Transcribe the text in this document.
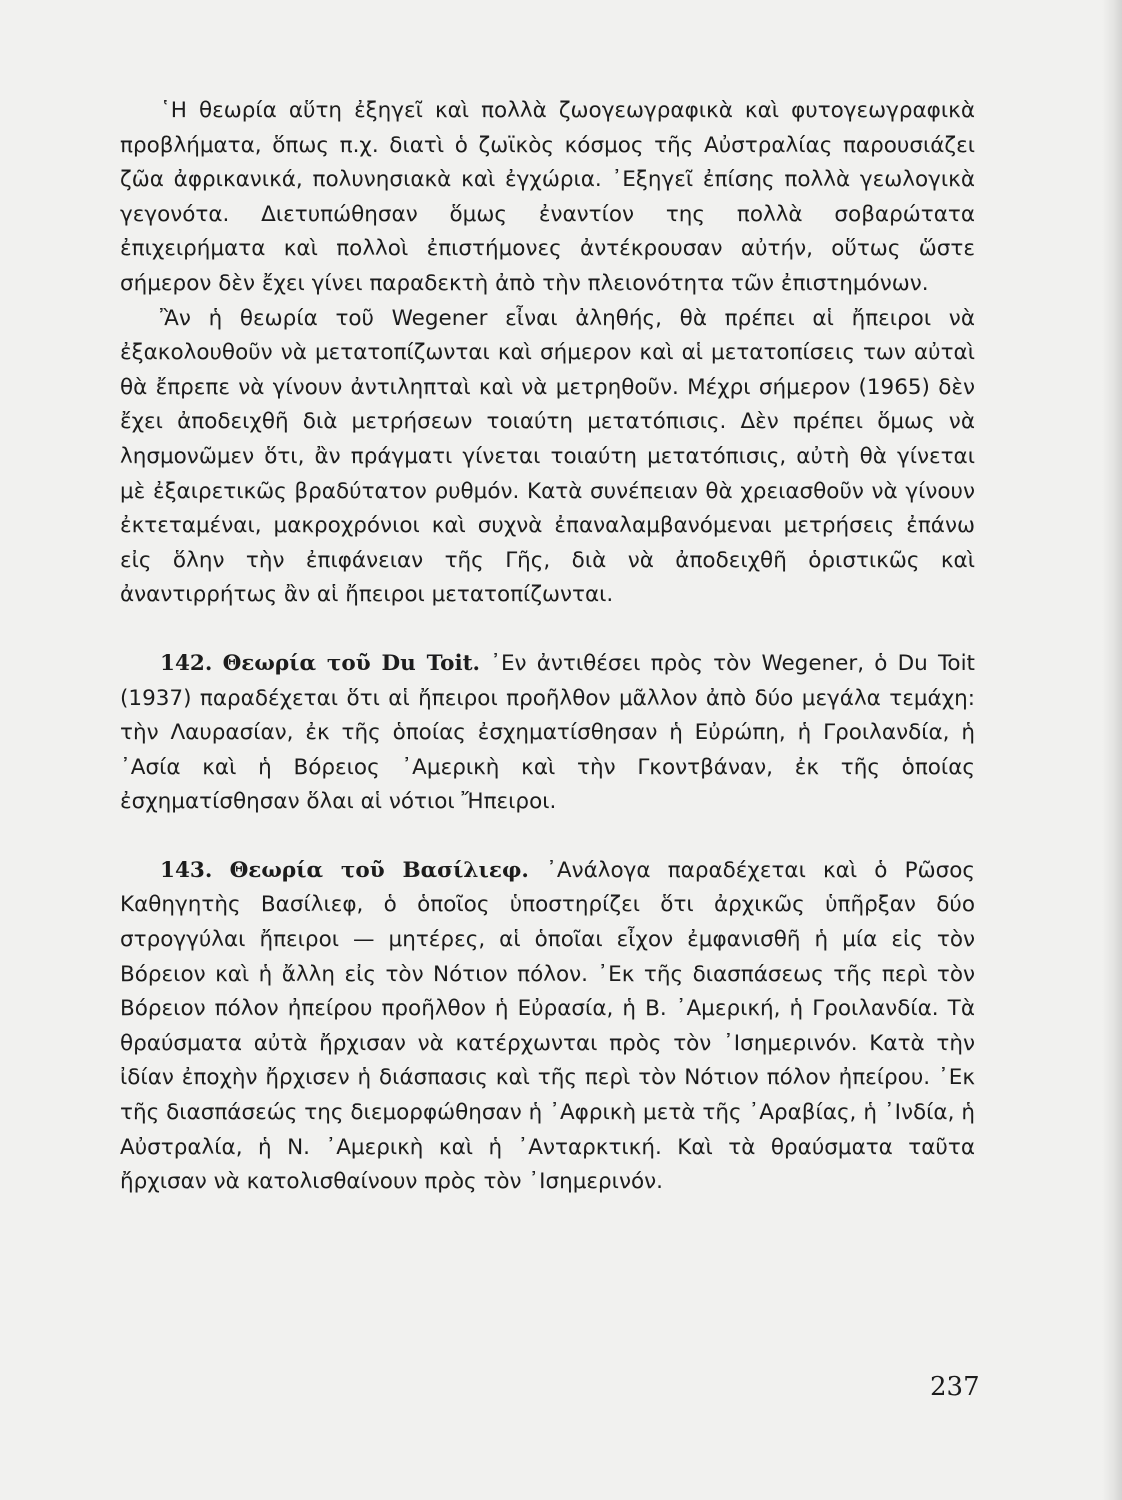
῾Η θεωρία αὕτη ἐξηγεῖ καὶ πολλὰ ζωογεωγραφικὰ καὶ φυτογεωγραφικὰ προβλήματα, ὅπως π.χ. διατὶ ὁ ζωϊκὸς κόσμος τῆς Αὐστραλίας παρουσιάζει ζῶα ἀφρικανικά, πολυνησιακὰ καὶ ἐγχώρια. ᾿Εξηγεῖ ἐπίσης πολλὰ γεωλογικὰ γεγονότα. Διετυπώθησαν ὅμως ἐναντίον της πολλὰ σοβαρώτατα ἐπιχειρήματα καὶ πολλοὶ ἐπιστήμονες ἀντέκρουσαν αὐτήν, οὕτως ὥστε σήμερον δὲν ἔχει γίνει παραδεκτὴ ἀπὸ τὴν πλειονότητα τῶν ἐπιστημόνων.

Ἂν ἡ θεωρία τοῦ Wegener εἶναι ἀληθής, θὰ πρέπει αἱ ἤπειροι νὰ ἐξακολουθοῦν νὰ μετατοπίζωνται καὶ σήμερον καὶ αἱ μετατοπίσεις των αὐταὶ θὰ ἔπρεπε νὰ γίνουν ἀντιληπταὶ καὶ νὰ μετρηθοῦν. Μέχρι σήμερον (1965) δὲν ἔχει ἀποδειχθῆ διὰ μετρήσεων τοιαύτη μετατόπισις. Δὲν πρέπει ὅμως νὰ λησμονῶμεν ὅτι, ἂν πράγματι γίνεται τοιαύτη μετατόπισις, αὐτὴ θὰ γίνεται μὲ ἐξαιρετικῶς βραδύτατον ρυθμόν. Κατὰ συνέπειαν θὰ χρειασθοῦν νὰ γίνουν ἐκτεταμέναι, μακροχρόνιοι καὶ συχνὰ ἐπαναλαμβανόμεναι μετρήσεις ἐπάνω εἰς ὅλην τὴν ἐπιφάνειαν τῆς Γῆς, διὰ νὰ ἀποδειχθῆ ὁριστικῶς καὶ ἀναντιρρήτως ἂν αἱ ἤπειροι μετατοπίζωνται.

142. Θεωρία τοῦ Du Toit. ᾿Εν ἀντιθέσει πρὸς τὸν Wegener, ὁ Du Toit (1937) παραδέχεται ὅτι αἱ ἤπειροι προῆλθον μᾶλλον ἀπὸ δύο μεγάλα τεμάχη: τὴν Λαυρασίαν, ἐκ τῆς ὁποίας ἐσχηματίσθησαν ἡ Εὐρώπη, ἡ Γροιλανδία, ἡ ᾿Ασία καὶ ἡ Βόρειος ᾿Αμερικὴ καὶ τὴν Γκοντβάναν, ἐκ τῆς ὁποίας ἐσχηματίσθησαν ὅλαι αἱ νότιοι Ἤπειροι.

143. Θεωρία τοῦ Βασίλιεφ. ᾿Ανάλογα παραδέχεται καὶ ὁ Ρῶσος Καθηγητὴς Βασίλιεφ, ὁ ὁποῖος ὑποστηρίζει ὅτι ἀρχικῶς ὑπῆρξαν δύο στρογγύλαι ἤπειροι — μητέρες, αἱ ὁποῖαι εἶχον ἐμφανισθῆ ἡ μία εἰς τὸν Βόρειον καὶ ἡ ἄλλη εἰς τὸν Νότιον πόλον. ᾿Εκ τῆς διασπάσεως τῆς περὶ τὸν Βόρειον πόλον ἠπείρου προῆλθον ἡ Εὐρασία, ἡ Β. ᾿Αμερική, ἡ Γροιλανδία. Τὰ θραύσματα αὐτὰ ἤρχισαν νὰ κατέρχωνται πρὸς τὸν ᾿Ισημερινόν. Κατὰ τὴν ἰδίαν ἐποχὴν ἤρχισεν ἡ διάσπασις καὶ τῆς περὶ τὸν Νότιον πόλον ἠπείρου. ᾿Εκ τῆς διασπάσεώς της διεμορφώθησαν ἡ ᾿Αφρικὴ μετὰ τῆς ᾿Αραβίας, ἡ ᾿Ινδία, ἡ Αὐστραλία, ἡ Ν. ᾿Αμερικὴ καὶ ἡ ᾿Ανταρκτική. Καὶ τὰ θραύσματα ταῦτα ἤρχισαν νὰ κατολισθαίνουν πρὸς τὸν ᾿Ισημερινόν.

237
